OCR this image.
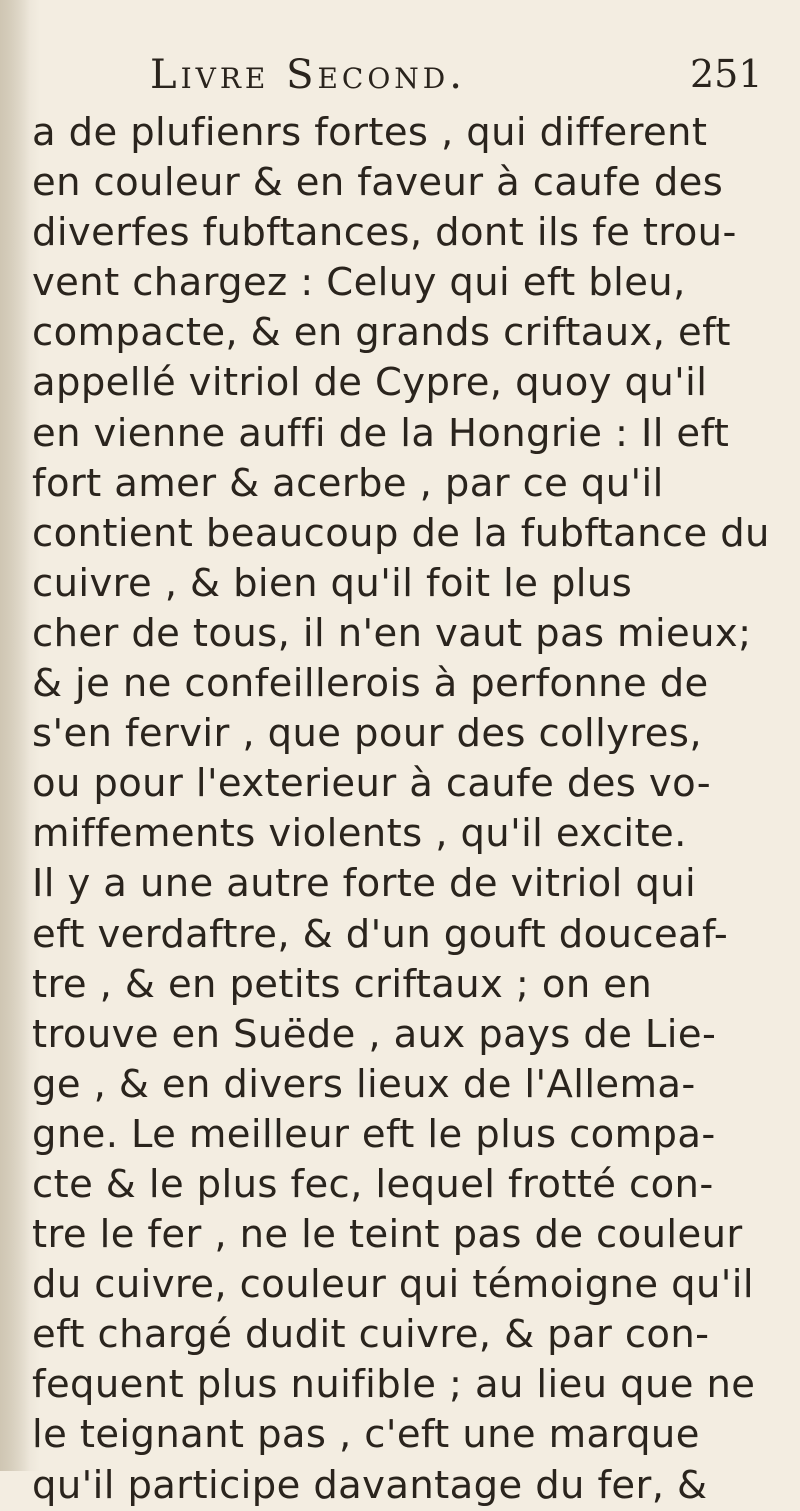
Livre Second.	251
a de plufienrs fortes , qui different
en couleur & en faveur à caufe des
diverfes fubftances, dont ils fe trou-
vent chargez : Celuy qui eft bleu,
compacte, & en grands criftaux, eft
appellé vitriol de Cypre, quoy qu'il
en vienne auffi de la Hongrie : Il eft
fort amer & acerbe , par ce qu'il
contient beaucoup de la fubftance du
cuivre , & bien qu'il foit le plus
cher de tous, il n'en vaut pas mieux;
& je ne confeillerois à perfonne de
s'en fervir , que pour des collyres,
ou pour l'exterieur à caufe des vo-
miffements violents , qu'il excite.
Il y a une autre forte de vitriol qui
eft verdaftre, & d'un gouft douceaf-
tre , & en petits criftaux ; on en
trouve en Suëde , aux pays de Lie-
ge , & en divers lieux de l'Allema-
gne. Le meilleur eft le plus compa-
cte & le plus fec, lequel frotté con-
tre le fer , ne le teint pas de couleur
du cuivre, couleur qui témoigne qu'il
eft chargé dudit cuivre, & par con-
fequent plus nuifible ; au lieu que ne
le teignant pas , c'eft une marque
qu'il participe davantage du fer, &
